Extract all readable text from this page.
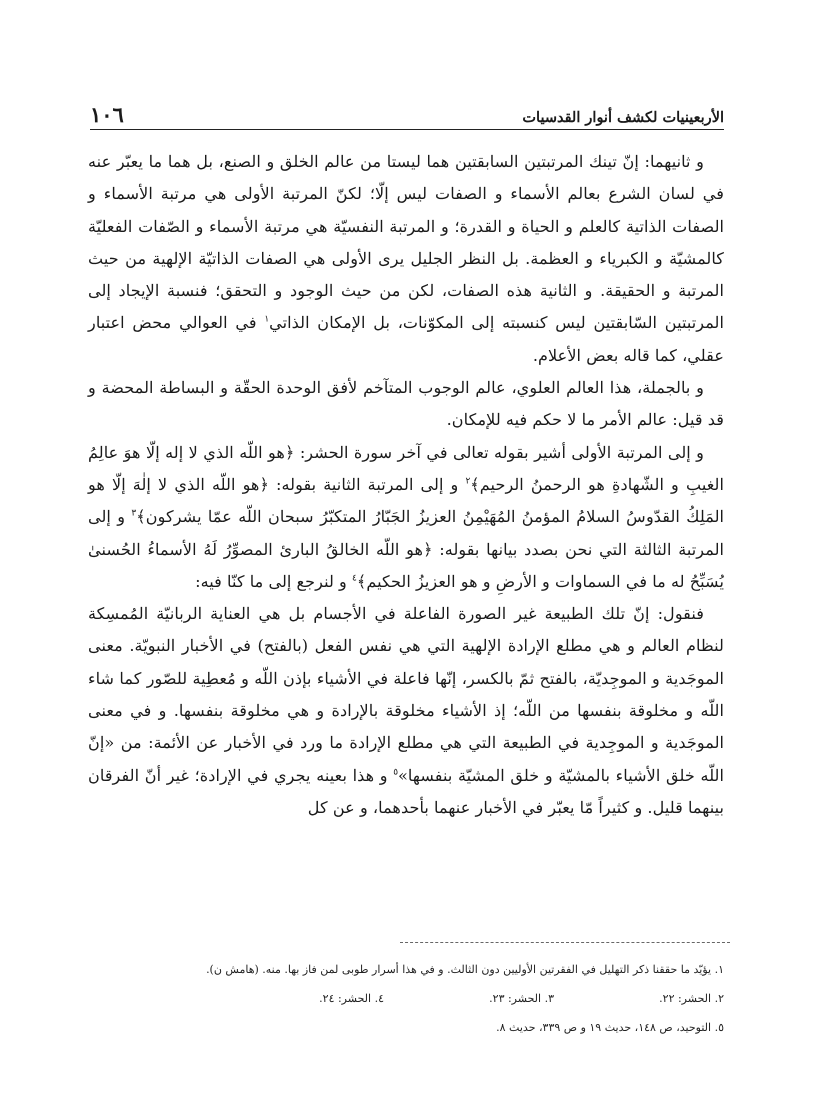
الأربعينيات لكشف أنوار القدسيات
١٠٦

و ثانيهما: إنّ تينك المرتبتين السابقتين هما ليستا من عالم الخلق و الصنع، بل هما ما يعبّر عنه في لسان الشرع بعالم الأسماء و الصفات ليس إلّا؛ لكنّ المرتبة الأولى هي مرتبة الأسماء و الصفات الذاتية كالعلم و الحياة و القدرة؛ و المرتبة النفسيّة هي مرتبة الأسماء و الصّفات الفعليّة كالمشيّة و الكبرياء و العظمة. بل النظر الجليل يرى الأولى هي الصفات الذاتيّة الإلهية من حيث المرتبة و الحقيقة. و الثانية هذه الصفات، لكن من حيث الوجود و التحقق؛ فنسبة الإيجاد إلى المرتبتين السّابقتين ليس كنسبته إلى المكوّنات، بل الإمكان الذاتي$^١$ في العوالي محض اعتبار عقلي، كما قاله بعض الأعلام.

و بالجملة، هذا العالم العلوي، عالم الوجوب المتآخم لأفق الوحدة الحقّة و البساطة المحضة و قد قيل: عالم الأمر ما لا حكم فيه للإمكان.

و إلى المرتبة الأولى أشير بقوله تعالى في آخر سورة الحشر: ﴿هو اللّه الذي لا إله إلّا هوَ عالِمُ الغيبِ و الشّهادةِ هو الرحمنُ الرحيم﴾$^٢$ و إلى المرتبة الثانية بقوله: ﴿هو اللّه الذي لا إلٰهَ إلّا هو المَلِكُ القدّوسُ السلامُ المؤمنُ المُهَيْمِنُ العزيزُ الجَبّارُ المتكبّرُ سبحان اللّه عمّا يشركون﴾$^٣$ و إلى المرتبة الثالثة التي نحن بصدد بيانها بقوله: ﴿هو اللّه الخالقُ البارئ المصوِّرُ لَهُ الأسماءُ الحُسنىٰ يُسَبِّحُ له ما في السماوات و الأرضِ و هو العزيزُ الحكيم﴾$^٤$ و لنرجع إلى ما كنّا فيه:

فنقول: إنّ تلك الطبيعة غير الصورة الفاعلة في الأجسام بل هي العناية الربانيّة المُمسِكة لنظام العالم و هي مطلع الإرادة الإلهية التي هي نفس الفعل (بالفتح) في الأخبار النبويّة. معنى الموجَدية و الموجِديّة، بالفتح ثمّ بالكسر، إنّها فاعلة في الأشياء بإذن اللّه و مُعطِية للصّور كما شاء اللّه و مخلوقة بنفسها من اللّه؛ إذ الأشياء مخلوقة بالإرادة و هي مخلوقة بنفسها. و في معنى الموجَدية و الموجِدية في الطبيعة التي هي مطلع الإرادة ما ورد في الأخبار عن الأئمة: من «إنّ اللّه خلق الأشياء بالمشيّة و خلق المشيّة بنفسها»$^٥$ و هذا بعينه يجري في الإرادة؛ غير أنّ الفرقان بينهما قليل. و كثيراً مّا يعبّر في الأخبار عنهما بأحدهما، و عن كل

١. يؤيّد ما حققنا ذكر التهليل في الفقرتين الأوليين دون الثالث. و في هذا أسرار طوبى لمن فاز بها. منه. (هامش ن).
٢. الحشر: ٢٢.
٣. الحشر: ٢٣.
٤. الحشر: ٢٤.
٥. التوحيد، ص ١٤٨، حديث ١٩ و ص ٣٣٩، حديث ٨.
